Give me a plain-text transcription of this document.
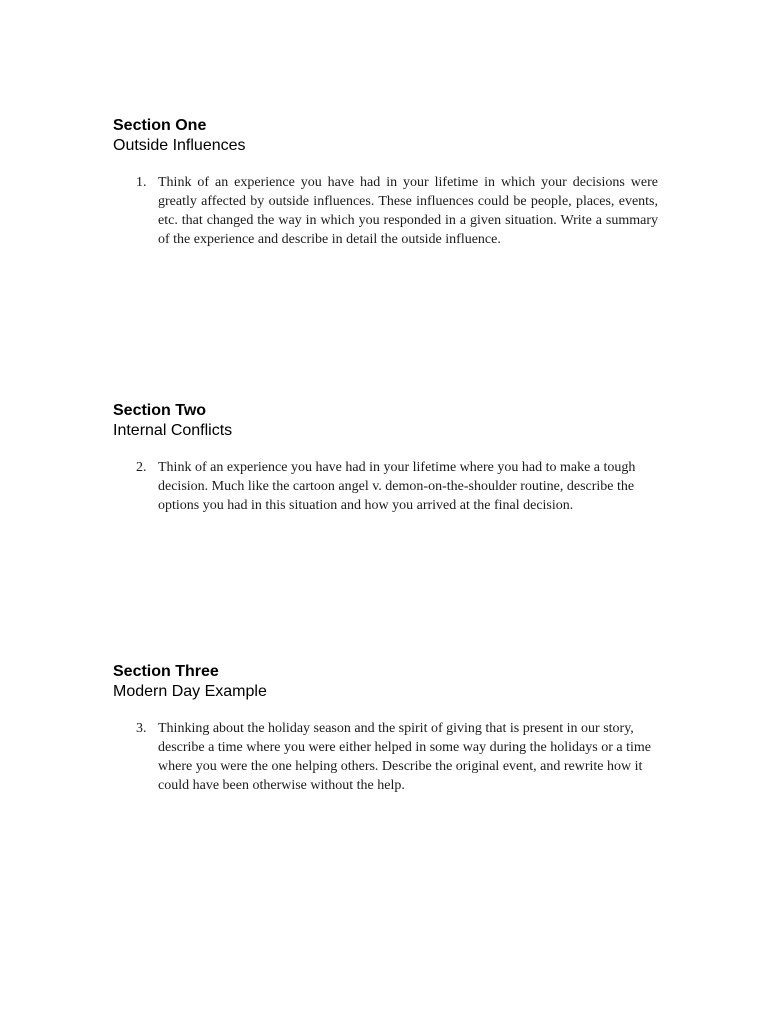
Section One
Outside Influences
1. Think of an experience you have had in your lifetime in which your decisions were greatly affected by outside influences. These influences could be people, places, events, etc. that changed the way in which you responded in a given situation. Write a summary of the experience and describe in detail the outside influence.
Section Two
Internal Conflicts
2. Think of an experience you have had in your lifetime where you had to make a tough decision. Much like the cartoon angel v. demon-on-the-shoulder routine, describe the options you had in this situation and how you arrived at the final decision.
Section Three
Modern Day Example
3. Thinking about the holiday season and the spirit of giving that is present in our story, describe a time where you were either helped in some way during the holidays or a time where you were the one helping others. Describe the original event, and rewrite how it could have been otherwise without the help.
